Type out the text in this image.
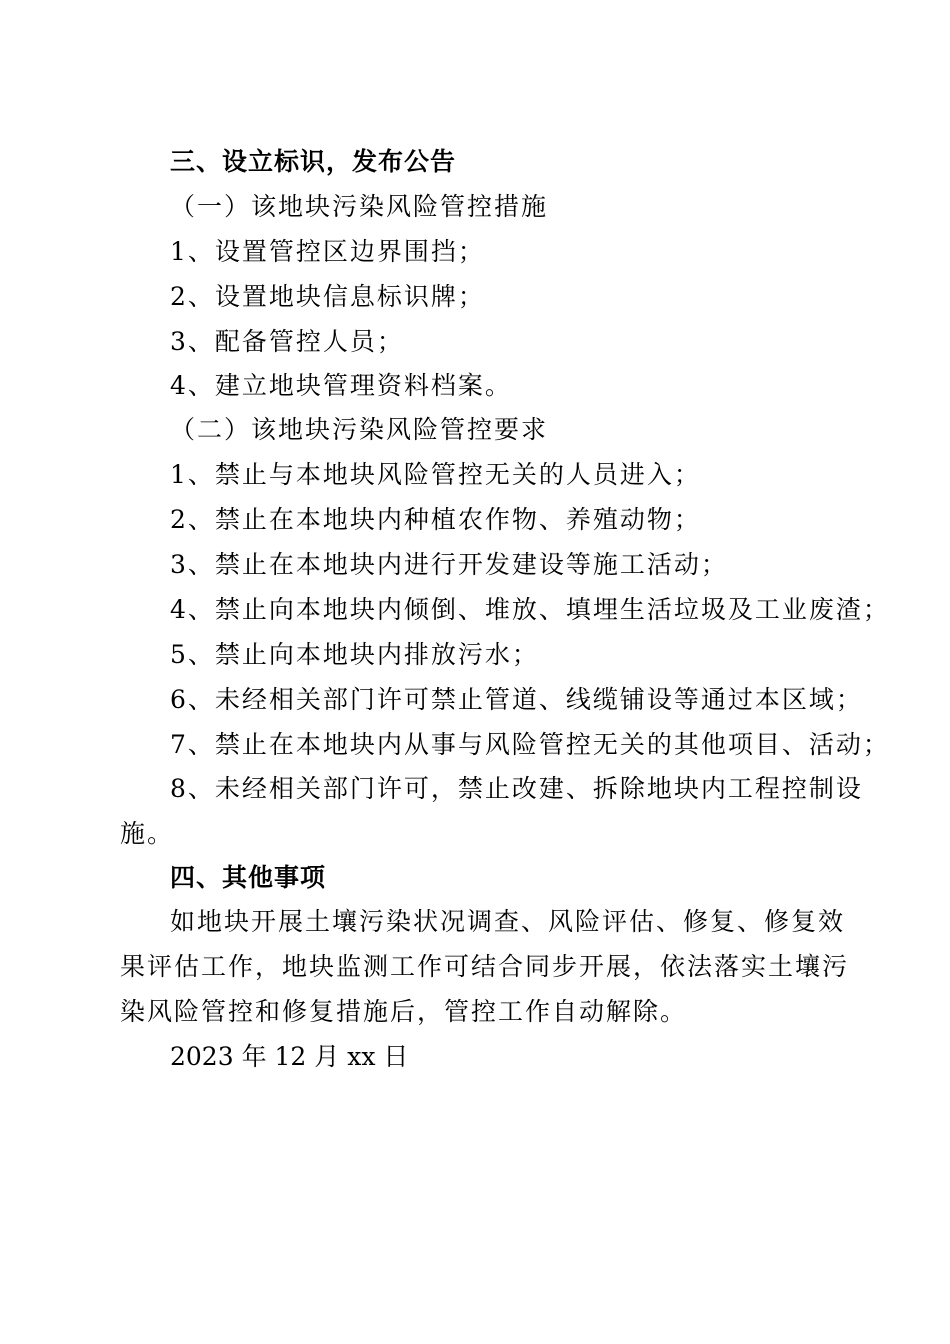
三、设立标识，发布公告
（一）该地块污染风险管控措施
1、设置管控区边界围挡；
2、设置地块信息标识牌；
3、配备管控人员；
4、建立地块管理资料档案。
（二）该地块污染风险管控要求
1、禁止与本地块风险管控无关的人员进入；
2、禁止在本地块内种植农作物、养殖动物；
3、禁止在本地块内进行开发建设等施工活动；
4、禁止向本地块内倾倒、堆放、填埋生活垃圾及工业废渣；
5、禁止向本地块内排放污水；
6、未经相关部门许可禁止管道、线缆铺设等通过本区域；
7、禁止在本地块内从事与风险管控无关的其他项目、活动；
8、未经相关部门许可，禁止改建、拆除地块内工程控制设
施。
四、其他事项
如地块开展土壤污染状况调查、风险评估、修复、修复效
果评估工作，地块监测工作可结合同步开展，依法落实土壤污
染风险管控和修复措施后，管控工作自动解除。
2023 年 12 月 xx 日
